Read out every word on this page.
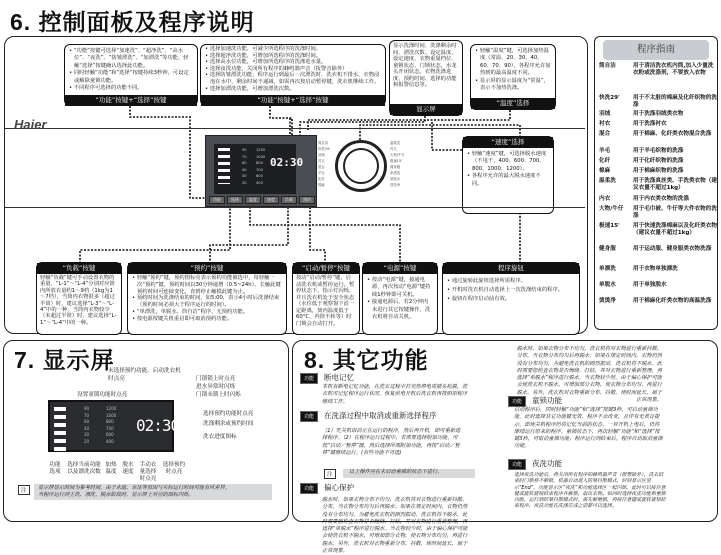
6. 控制面板及程序说明
• “功能”按键可选择“加速洗”、“超净洗”、“高水位”、“夜洗”、“防皱漂洗”、“加漂洗”等功能，轻触“选择”按键确认选择此功能。
• 同时轻触“功能”和“选择”按键持续3秒钟，可设定或解除童锁功能。
• 不同程序可选择的功能不同。
“功能”按键+“选择”按键
• 选择加速洗功能，可减少所选程序的洗涤时间。
• 选择超净洗功能，可增加所选程序的洗涤时间。
• 选择高水位功能，可增加所选程序的洗涤进水量。
• 选择夜洗功能，关闭所有程序的蜂鸣器声音（报警音除外）
• 选择防皱漂洗功能，程序运行到最后一次漂洗时，洗衣机不排水，衣物浸泡在水中，剩余时间不递减，如需再次按启动暂停键，洗衣机继续工作。
• 选择加漂洗功能，可增加漂洗次数。
“功能”按键+“选择”按键
显示洗涤时间、洗涤剩余时间、漂洗次数、设定温度、设定速度、衣物重量档位、童锁状态、门锁状态、水龙头开闭状态、衣物洗涤进度、预约时间、选择的功能和报警信息等。
显示屏
• 轻触“温度”键，可选择加热温度（常温、20、30、40、60、70、90），各程序允许加热到的最高温度不同。
• 显示屏的显示温度为“常温”，表示不加热洗涤。
“温度”选择
“速度”选择
• 轻触“速度”键，可选择脱水速度（不甩干、400、600、700、800、1000、1200）。
• 各程序允许的最大脱水速度不同。
Haier
90
70
60
40
30
20
1200
1000
800
700
600
400
02:30
功能	选择	温度	速度	负载	预约
筒自洁
快洗29'
羽绒
衬衣
混合
羊毛
化纤
棉麻
温柔洗
内衣
大物/牛仔
极速15'
健身服
单漂洗
单脱水
烫烫净
“负载”按键
轻触“负载”键可手动设置衣物的重量，“L-1”～“L-4”分别对应筒内所放衣量约1～9档（1kg为1～7档），当筒内衣物很多（超过半筒）时，建议选择“L-3”～“L-4”中的一种，当筒内衣物较少（未超过半筒）时，建议选择“L-1”～“L-4”中的一种。
“预约”按键
• 轻触“预约”键，预约图标亮表示预约功能被选中，每轻触一次“预约”键，预约时间以30分钟递增（0.5~24h），长触此键预约时间可连续变化，直到停止触摸此键为止。
• 预约时间为洗涤结束的时间，如5:00，表示4小时后洗涤结束（预约时间必须大于程序运行的时间）。
• “单漂洗、单脱水、筒自洁”程序，无预约功能。
• 按电源按键关机重启即可取消预约功能。
“启动/暂停”按键
按动“启动/暂停”键，启动洗衣机或暂停运行。暂停状态下，指示灯闪烁，并且洗衣机处于安全状态（水位低于观察窗下沿一定距离，筒内温度低于60°C，内筒不转等）时门锁会自动打开。
“电源”按键
• 按动“电源”键，接通电源，再次按动“电源”键持续1秒钟即可关机。
• 接通电源后，若2分钟内未进行其它按键操作，洗衣机将自动关机。
程序旋钮
• 通过旋转此旋钮选择所需程序。
• 开机时洗衣机自动选择上一次洗涤结束的程序。
• 旋钮在程序启动前有效。
程序指南
筒自洁	用于清洁洗衣机内筒,加入少量洗衣粉或洗涤剂，不要放入衣物
快洗29'	用于不太脏的棉麻及化纤织物的洗涤
羽绒	用于洗涤羽绒类衣物
衬衣	用于洗涤衬衣
混合	用于棉麻、化纤类衣物混合洗涤
羊毛	用于羊毛织物的洗涤
化纤	用于化纤织物的洗涤
棉麻	用于棉麻织物的洗涤
温柔洗	用于洗涤真丝类、手洗类衣物（建议衣量不超过1kg）
内衣	用于内衣类衣物的洗涤
大物/牛仔	用于毛巾被、牛仔等大件衣物的洗涤
极速15'	用于快速洗涤棉麻以及化纤类衣物（建议衣量不超过1kg）
健身服	用于运动服、健身服类衣物洗涤
单漂洗	用于衣物单独漂洗
单脱水	用于单独脱水
烫烫净	用于棉麻化纤类衣物的高温洗涤
7. 显示屏
90
70
60
40
30
20
1200
1000
800
700
600
400
02:30
未选择预约功能，启动洗衣机时点亮
设置童锁功能时点亮
门锁锁上时点亮
进水异常时闪烁
门锁未锁上时闪烁
选择预约功能时点亮
洗涤剩余或预约时间
洗衣进度图标
功能选项
选择当前功能以及漂洗次数
加热温度
脱水速度
手动衣量选择时点亮
选择预约时点亮
注	显示屏显示时间为参考时间，由于水温、水压等原因与实际运行时间可能有所差异。
当程序运行到主洗、漂洗、脱水阶段时，显示屏上对应的图标闪烁。
8. 其它功能
功能 断电记忆
本机有断电记忆功能，在洗衣过程中若突然停电或插头松脱，洗衣机可记忆程序运行状况，恢复供电开机后洗衣机再按照原程序继续工作。
功能 在洗涤过程中取消或重新选择程序
（1）先关机取消正在运行的程序，然后再开机，即可重新选择程序。（2）在程序运行过程中，若需要选择附加功能，可按“启动／暂停”键，然后选择所需附加功能，再按“启动／暂停”键继续运行。(有些功能不可选)
注	以上操作应在未启动童锁的状态下进行。
功能 偏心保护
脱水时，如果衣物分布不均匀，洗衣机将对衣物进行重新抖散、分布，当衣物分布均匀后再脱水；如果在规定时间内，衣物仍然没有分布均匀，为避免洗衣机的剧烈振动，洗衣机将不脱水。此时需要您检查衣物是否缠绕、打结，并对衣物进行重新整理，再选择“单脱水”程序进行脱水。当衣物较少时，由于偏心保护可能会使洗衣机不脱水，可增加部分衣物，使衣物分布均匀，再进行脱水。另外，洗衣机对衣物重新分布、抖散，使时间延长，属于正常现象。
脱水时，如果衣物分布不均匀，洗衣机将对衣物进行重新抖散、分布，当衣物分布均匀后再脱水；如果在规定时间内，衣物仍然没有分布均匀，为避免洗衣机的剧烈振动，洗衣机将不脱水。此时需要您检查衣物是否缠绕、打结，并对衣物进行重新整理，再选择“单脱水”程序进行脱水。当衣物较少时，由于偏心保护可能会使洗衣机不脱水，可增加部分衣物，使衣物分布均匀，再进行脱水。另外，洗衣机对衣物重新分布、抖散，使时间延长，属于正常现象。
功能 童锁功能
启动程序后，同时轻触“功能”和“选择”按键3秒，可启动童锁功能，此时选择其它功能键无效，程序不会改变，且伴有无效音提示。即使关机程序仍将记忆当前的状态，一旦开机上电后，仍将继续运行原来的程序。童锁状态下，再次轻触“功能”和“选择”按键3秒，可取消童锁功能；程序运行到结束后，程序自动取消童锁功能。
功能 夜洗功能
选择夜洗功能后，将关闭所有程序的蜂鸣器声音（报警除外），洗衣结束时门锁将不解锁，机器自动进入防皱抖散模式，时间显示区显示“End”，功能显示区“夜洗”和功能选择区一起闪烁，此时可以按任意键或旋转旋钮结束程序并解锁，取出衣物。如同时选择夜洗功能和童锁功能，运行到防皱抖散模式时，需先解童锁，再按任意键或旋转旋钮结束程序。夜洗功能在洗涤完成之前都可以选择。
